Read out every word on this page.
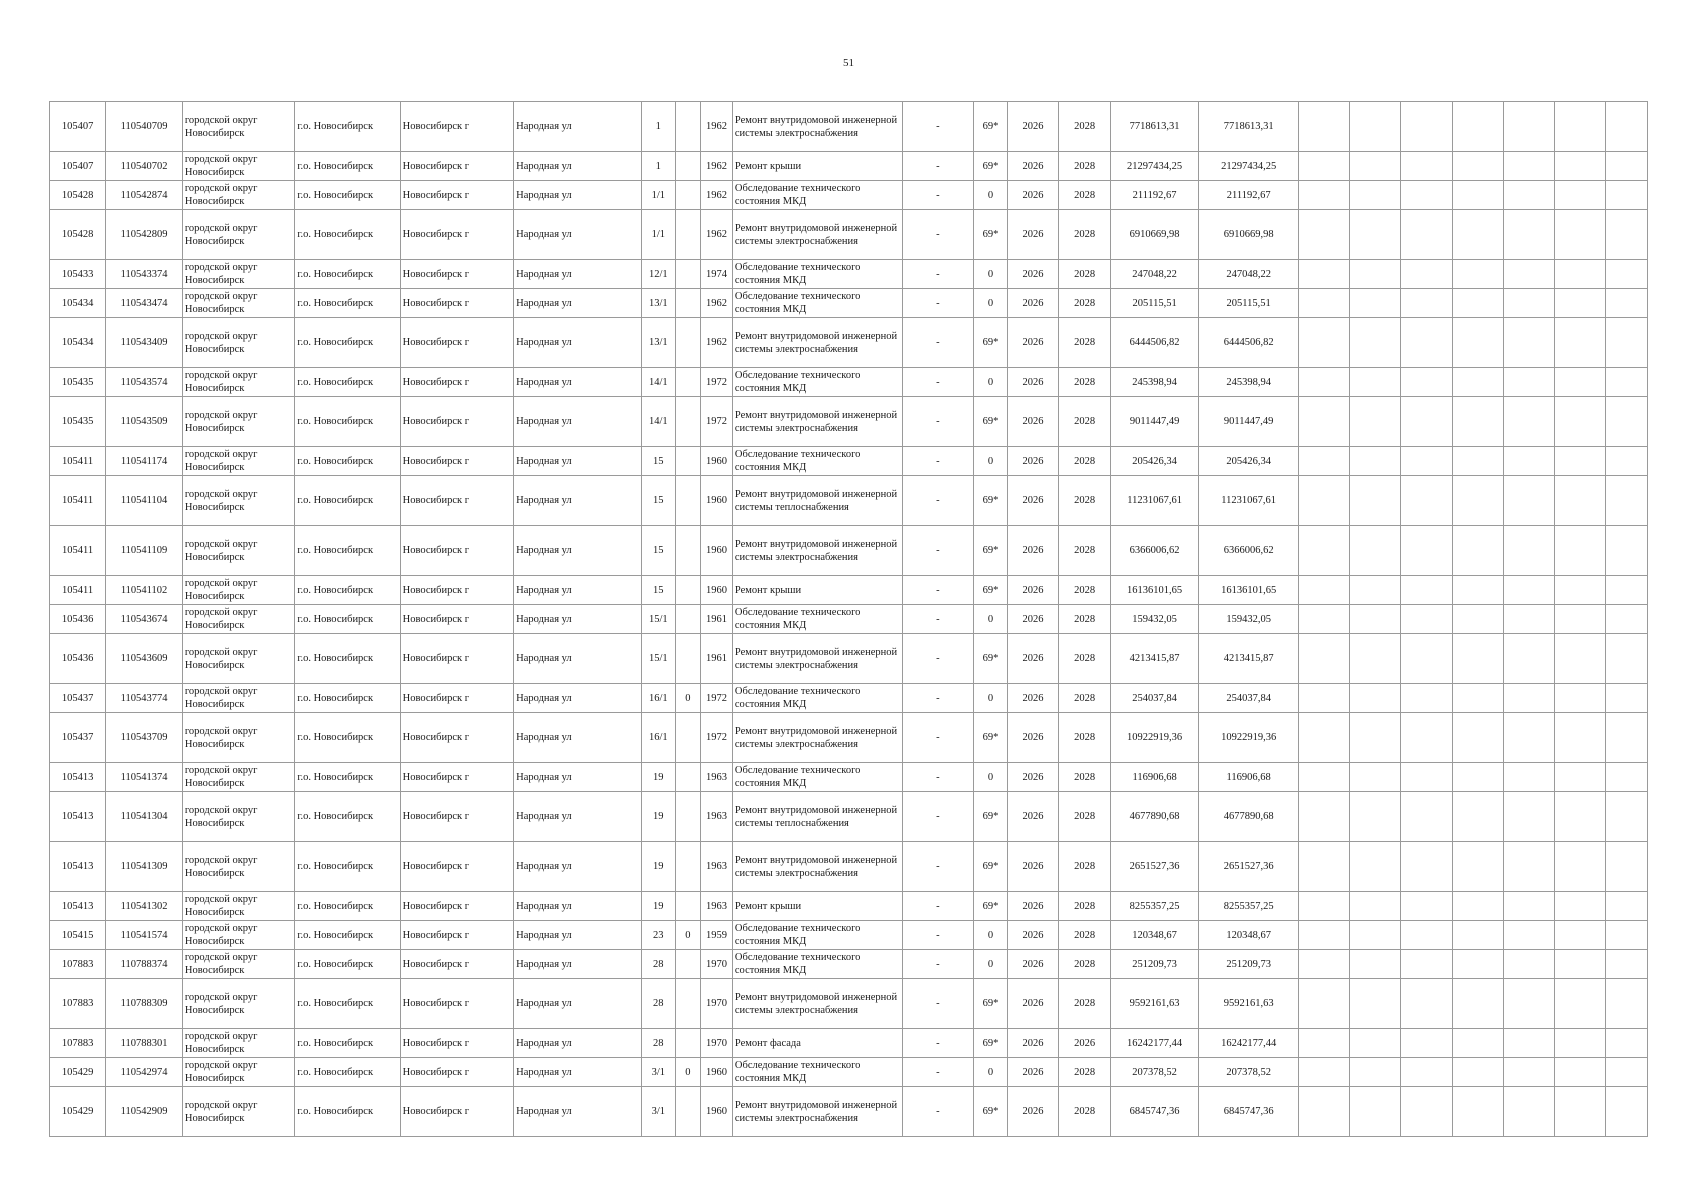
51
105407	110540709	городской округ Новосибирск	г.о. Новосибирск	Новосибирск г	Народная ул	1		1962	Ремонт внутридомовой инженерной системы электроснабжения	-	69*	2026	2028	7718613,31	7718613,31							
105407	110540702	городской округ Новосибирск	г.о. Новосибирск	Новосибирск г	Народная ул	1		1962	Ремонт крыши	-	69*	2026	2028	21297434,25	21297434,25							
105428	110542874	городской округ Новосибирск	г.о. Новосибирск	Новосибирск г	Народная ул	1/1		1962	Обследование технического состояния МКД	-	0	2026	2028	211192,67	211192,67							
105428	110542809	городской округ Новосибирск	г.о. Новосибирск	Новосибирск г	Народная ул	1/1		1962	Ремонт внутридомовой инженерной системы электроснабжения	-	69*	2026	2028	6910669,98	6910669,98							
105433	110543374	городской округ Новосибирск	г.о. Новосибирск	Новосибирск г	Народная ул	12/1		1974	Обследование технического состояния МКД	-	0	2026	2028	247048,22	247048,22							
105434	110543474	городской округ Новосибирск	г.о. Новосибирск	Новосибирск г	Народная ул	13/1		1962	Обследование технического состояния МКД	-	0	2026	2028	205115,51	205115,51							
105434	110543409	городской округ Новосибирск	г.о. Новосибирск	Новосибирск г	Народная ул	13/1		1962	Ремонт внутридомовой инженерной системы электроснабжения	-	69*	2026	2028	6444506,82	6444506,82							
105435	110543574	городской округ Новосибирск	г.о. Новосибирск	Новосибирск г	Народная ул	14/1		1972	Обследование технического состояния МКД	-	0	2026	2028	245398,94	245398,94							
105435	110543509	городской округ Новосибирск	г.о. Новосибирск	Новосибирск г	Народная ул	14/1		1972	Ремонт внутридомовой инженерной системы электроснабжения	-	69*	2026	2028	9011447,49	9011447,49							
105411	110541174	городской округ Новосибирск	г.о. Новосибирск	Новосибирск г	Народная ул	15		1960	Обследование технического состояния МКД	-	0	2026	2028	205426,34	205426,34							
105411	110541104	городской округ Новосибирск	г.о. Новосибирск	Новосибирск г	Народная ул	15		1960	Ремонт внутридомовой инженерной системы теплоснабжения	-	69*	2026	2028	11231067,61	11231067,61							
105411	110541109	городской округ Новосибирск	г.о. Новосибирск	Новосибирск г	Народная ул	15		1960	Ремонт внутридомовой инженерной системы электроснабжения	-	69*	2026	2028	6366006,62	6366006,62							
105411	110541102	городской округ Новосибирск	г.о. Новосибирск	Новосибирск г	Народная ул	15		1960	Ремонт крыши	-	69*	2026	2028	16136101,65	16136101,65							
105436	110543674	городской округ Новосибирск	г.о. Новосибирск	Новосибирск г	Народная ул	15/1		1961	Обследование технического состояния МКД	-	0	2026	2028	159432,05	159432,05							
105436	110543609	городской округ Новосибирск	г.о. Новосибирск	Новосибирск г	Народная ул	15/1		1961	Ремонт внутридомовой инженерной системы электроснабжения	-	69*	2026	2028	4213415,87	4213415,87							
105437	110543774	городской округ Новосибирск	г.о. Новосибирск	Новосибирск г	Народная ул	16/1	0	1972	Обследование технического состояния МКД	-	0	2026	2028	254037,84	254037,84							
105437	110543709	городской округ Новосибирск	г.о. Новосибирск	Новосибирск г	Народная ул	16/1		1972	Ремонт внутридомовой инженерной системы электроснабжения	-	69*	2026	2028	10922919,36	10922919,36							
105413	110541374	городской округ Новосибирск	г.о. Новосибирск	Новосибирск г	Народная ул	19		1963	Обследование технического состояния МКД	-	0	2026	2028	116906,68	116906,68							
105413	110541304	городской округ Новосибирск	г.о. Новосибирск	Новосибирск г	Народная ул	19		1963	Ремонт внутридомовой инженерной системы теплоснабжения	-	69*	2026	2028	4677890,68	4677890,68							
105413	110541309	городской округ Новосибирск	г.о. Новосибирск	Новосибирск г	Народная ул	19		1963	Ремонт внутридомовой инженерной системы электроснабжения	-	69*	2026	2028	2651527,36	2651527,36							
105413	110541302	городской округ Новосибирск	г.о. Новосибирск	Новосибирск г	Народная ул	19		1963	Ремонт крыши	-	69*	2026	2028	8255357,25	8255357,25							
105415	110541574	городской округ Новосибирск	г.о. Новосибирск	Новосибирск г	Народная ул	23	0	1959	Обследование технического состояния МКД	-	0	2026	2028	120348,67	120348,67							
107883	110788374	городской округ Новосибирск	г.о. Новосибирск	Новосибирск г	Народная ул	28		1970	Обследование технического состояния МКД	-	0	2026	2028	251209,73	251209,73							
107883	110788309	городской округ Новосибирск	г.о. Новосибирск	Новосибирск г	Народная ул	28		1970	Ремонт внутридомовой инженерной системы электроснабжения	-	69*	2026	2028	9592161,63	9592161,63							
107883	110788301	городской округ Новосибирск	г.о. Новосибирск	Новосибирск г	Народная ул	28		1970	Ремонт фасада	-	69*	2026	2026	16242177,44	16242177,44							
105429	110542974	городской округ Новосибирск	г.о. Новосибирск	Новосибирск г	Народная ул	3/1	0	1960	Обследование технического состояния МКД	-	0	2026	2028	207378,52	207378,52							
105429	110542909	городской округ Новосибирск	г.о. Новосибирск	Новосибирск г	Народная ул	3/1		1960	Ремонт внутридомовой инженерной системы электроснабжения	-	69*	2026	2028	6845747,36	6845747,36							
